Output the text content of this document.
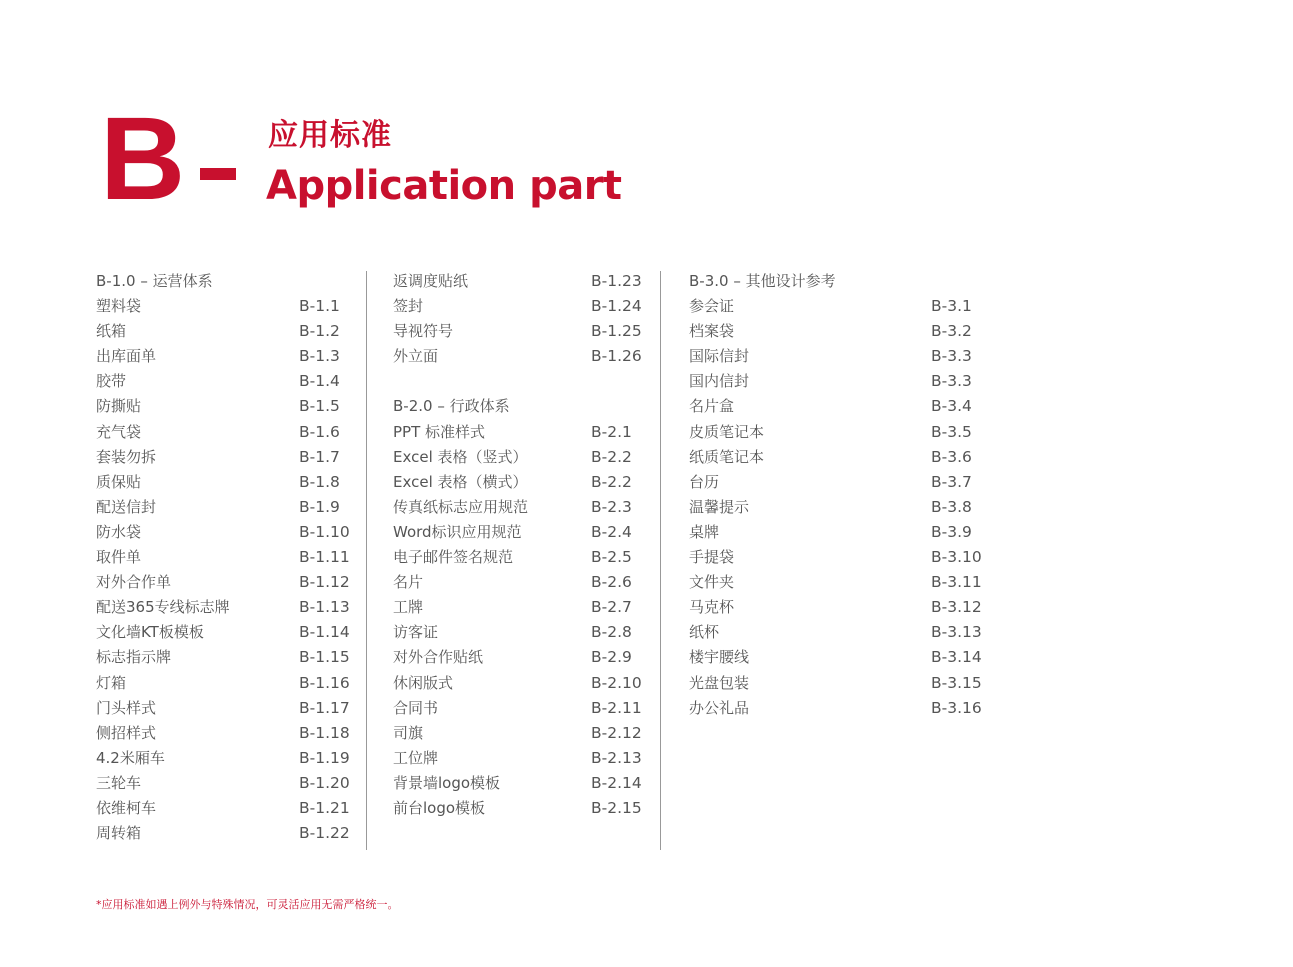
B	应用标准
Application part
B-1.0 – 运营体系
塑料袋	B-1.1
纸箱	B-1.2
出库面单	B-1.3
胶带	B-1.4
防撕贴	B-1.5
充气袋	B-1.6
套装勿拆	B-1.7
质保贴	B-1.8
配送信封	B-1.9
防水袋	B-1.10
取件单	B-1.11
对外合作单	B-1.12
配送365专线标志牌	B-1.13
文化墙KT板模板	B-1.14
标志指示牌	B-1.15
灯箱	B-1.16
门头样式	B-1.17
侧招样式	B-1.18
4.2米厢车	B-1.19
三轮车	B-1.20
依维柯车	B-1.21
周转箱	B-1.22
返调度贴纸	B-1.23
签封	B-1.24
导视符号	B-1.25
外立面	B-1.26
B-2.0 – 行政体系
PPT 标准样式	B-2.1
Excel 表格（竖式）	B-2.2
Excel 表格（横式）	B-2.2
传真纸标志应用规范	B-2.3
Word标识应用规范	B-2.4
电子邮件签名规范	B-2.5
名片	B-2.6
工牌	B-2.7
访客证	B-2.8
对外合作贴纸	B-2.9
休闲版式	B-2.10
合同书	B-2.11
司旗	B-2.12
工位牌	B-2.13
背景墙logo模板	B-2.14
前台logo模板	B-2.15
B-3.0 – 其他设计参考
参会证	B-3.1
档案袋	B-3.2
国际信封	B-3.3
国内信封	B-3.3
名片盒	B-3.4
皮质笔记本	B-3.5
纸质笔记本	B-3.6
台历	B-3.7
温馨提示	B-3.8
桌牌	B-3.9
手提袋	B-3.10
文件夹	B-3.11
马克杯	B-3.12
纸杯	B-3.13
楼宇腰线	B-3.14
光盘包装	B-3.15
办公礼品	B-3.16
*应用标准如遇上例外与特殊情况，可灵活应用无需严格统一。
